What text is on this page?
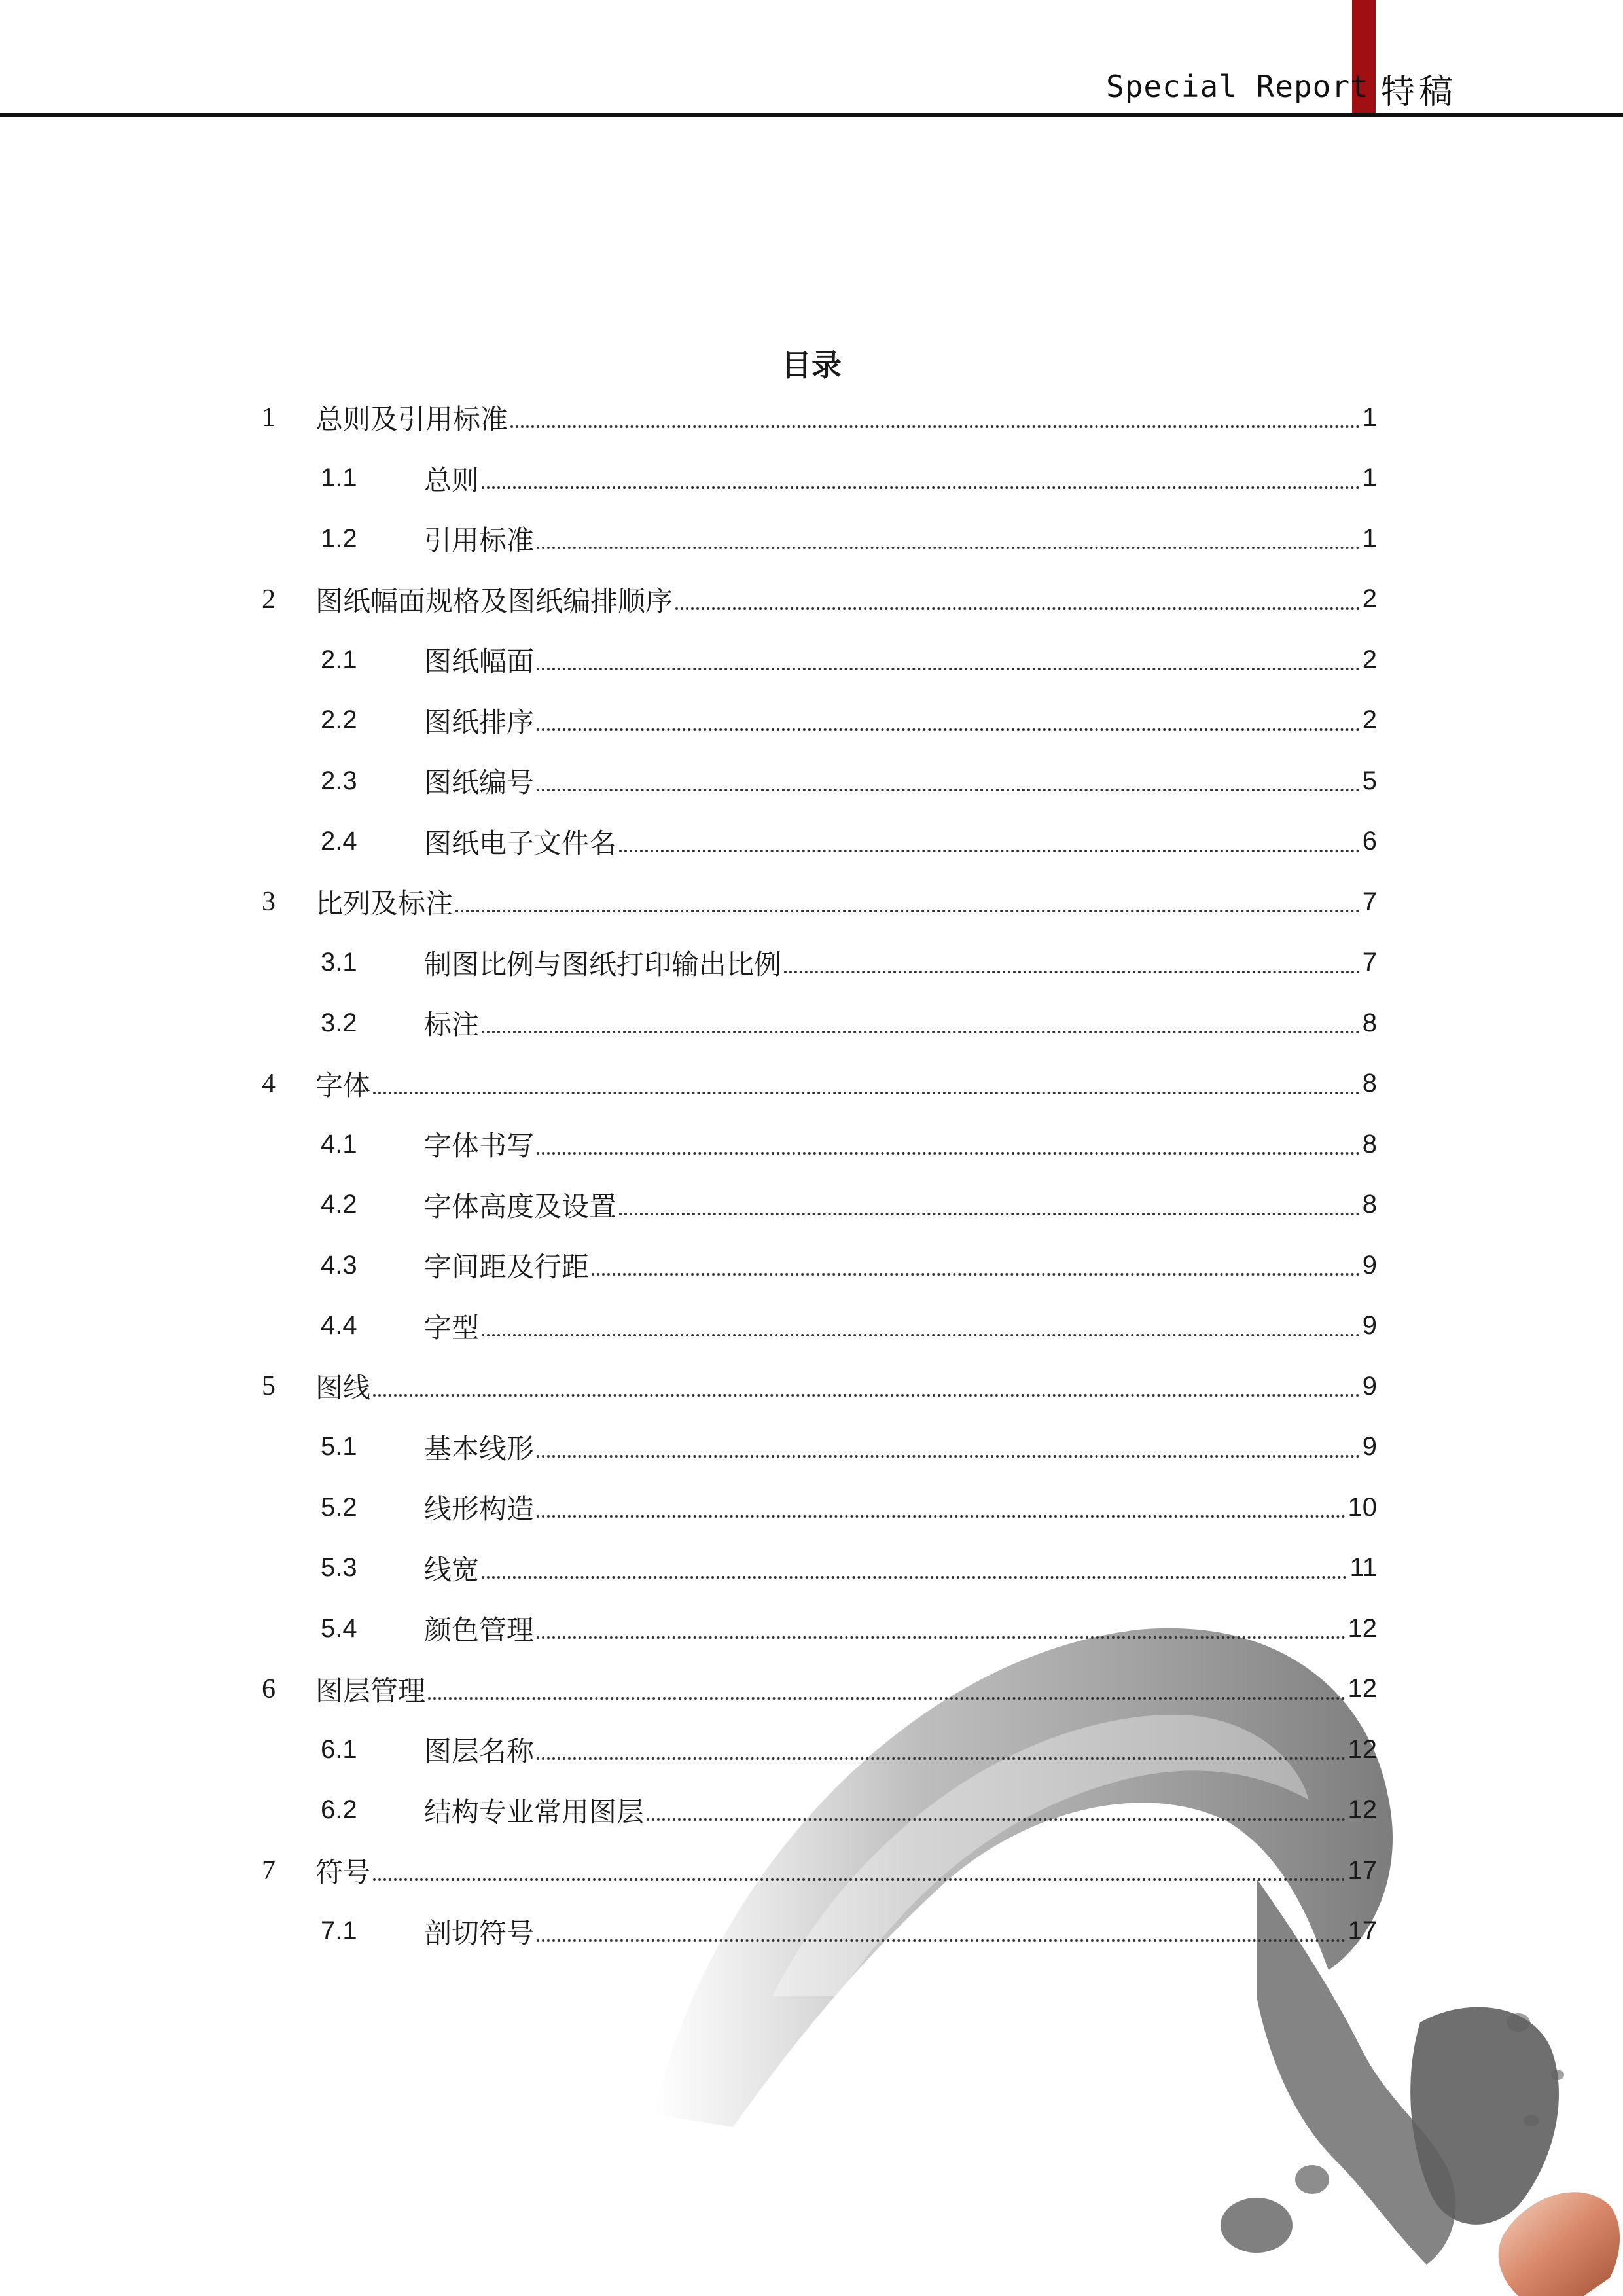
Special Report 特稿
目录
1	总则及引用标准	1
1.1	总则	1
1.2	引用标准	1
2	图纸幅面规格及图纸编排顺序	2
2.1	图纸幅面	2
2.2	图纸排序	2
2.3	图纸编号	5
2.4	图纸电子文件名	6
3	比列及标注	7
3.1	制图比例与图纸打印输出比例	7
3.2	标注	8
4	字体	8
4.1	字体书写	8
4.2	字体高度及设置	8
4.3	字间距及行距	9
4.4	字型	9
5	图线	9
5.1	基本线形	9
5.2	线形构造	10
5.3	线宽	11
5.4	颜色管理	12
6	图层管理	12
6.1	图层名称	12
6.2	结构专业常用图层	12
7	符号	17
7.1	剖切符号	17
